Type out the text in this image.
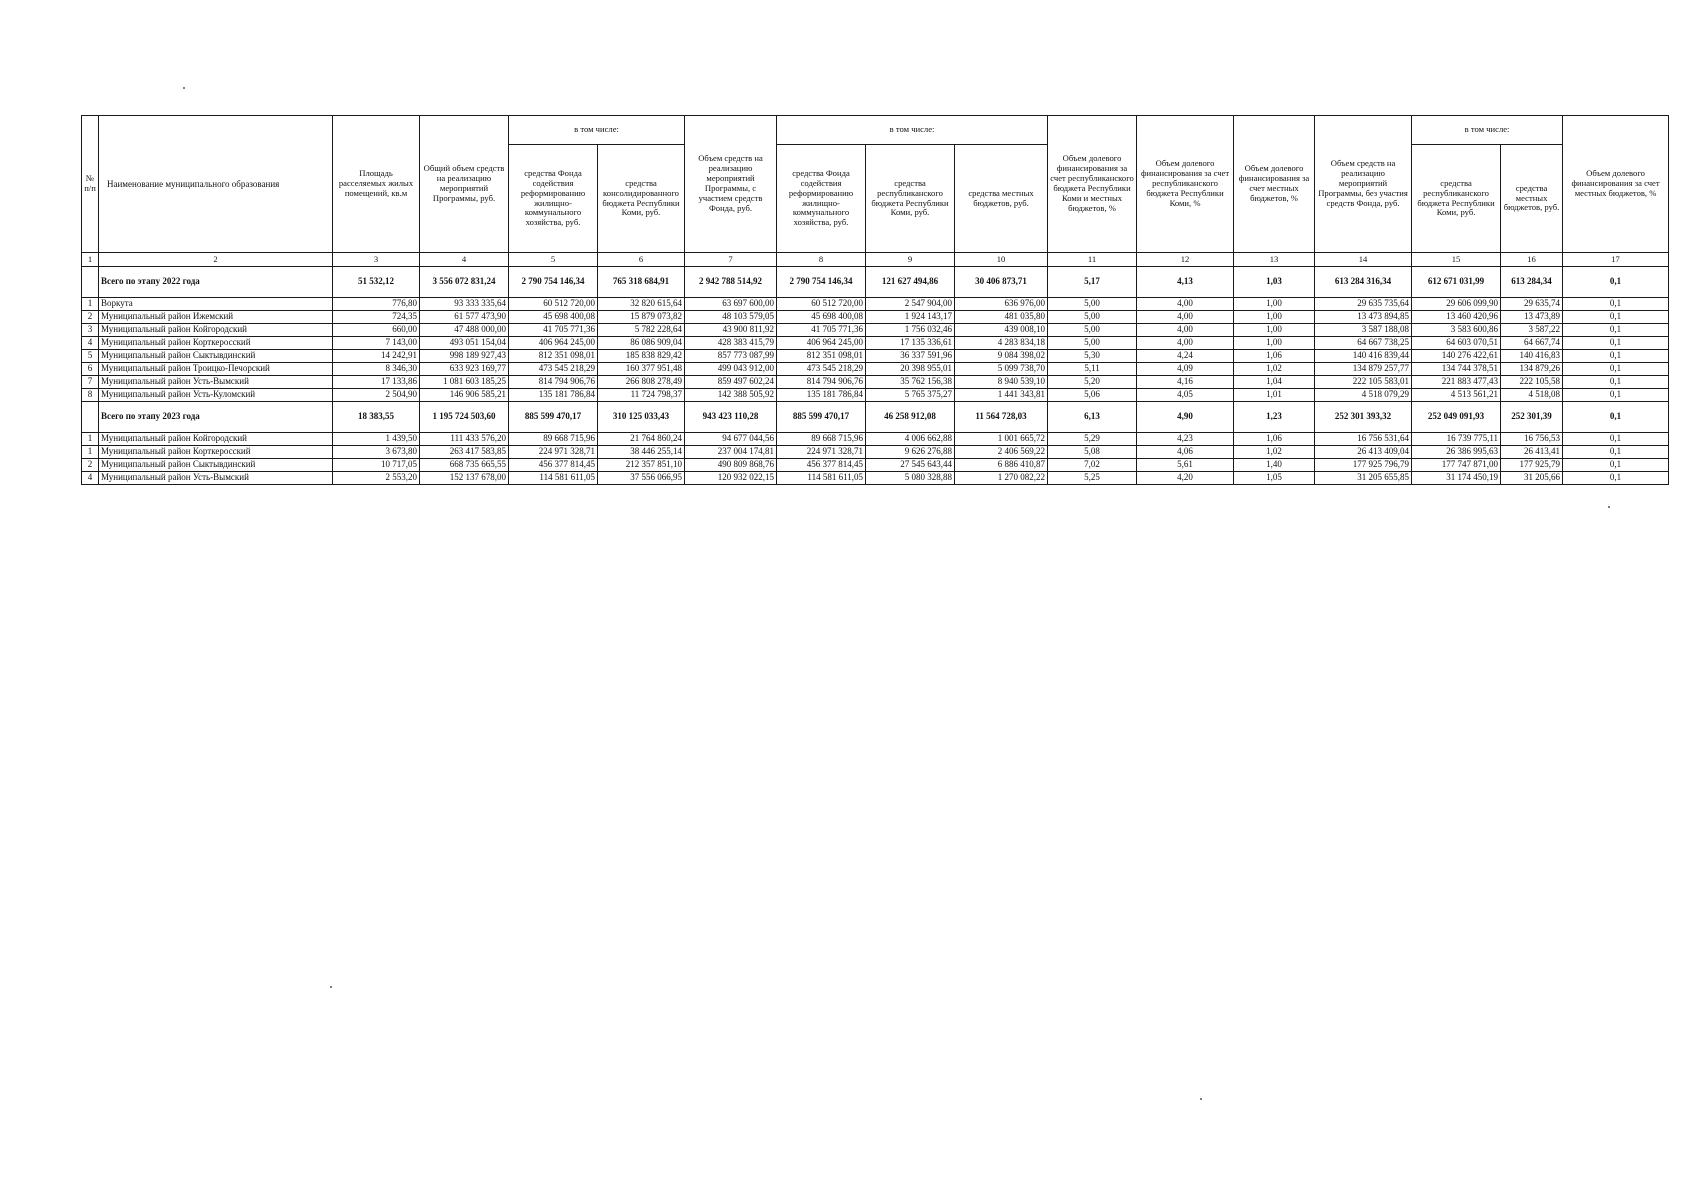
№ п/п	Наименование муниципального образования	Площадь расселяемых жилых помещений, кв.м	Общий объем средств на реализацию мероприятий Программы, руб.	в том числе:		Объем средств на реализацию мероприятий Программы, с участием средств Фонда, руб.	в том числе:			Объем долевого финансирования за счет республиканского бюджета Республики Коми и местных бюджетов, %	Объем долевого финансирования за счет республиканского бюджета Республики Коми, %	Объем долевого финансирования за счет местных бюджетов, %	Объем средств на реализацию мероприятий Программы, без участия средств Фонда, руб.	в том числе:		Объем долевого финансирования за счет местных бюджетов, %
				средства Фонда содействия реформированию жилищно-коммунального хозяйства, руб.	средства консолидированного бюджета Республики Коми, руб.		средства Фонда содействия реформированию жилищно-коммунального хозяйства, руб.	средства республиканского бюджета Республики Коми, руб.	средства местных бюджетов, руб.					средства республиканского бюджета Республики Коми, руб.	средства местных бюджетов, руб.	
1	2	3	4	5	6	7	8	9	10	11	12	13	14	15	16	17
	Всего по этапу 2022 года	51 532,12	3 556 072 831,24	2 790 754 146,34	765 318 684,91	2 942 788 514,92	2 790 754 146,34	121 627 494,86	30 406 873,71	5,17	4,13	1,03	613 284 316,34	612 671 031,99	613 284,34	0,1
1	Воркута	776,80	93 333 335,64	60 512 720,00	32 820 615,64	63 697 600,00	60 512 720,00	2 547 904,00	636 976,00	5,00	4,00	1,00	29 635 735,64	29 606 099,90	29 635,74	0,1
2	Муниципальный район Ижемский	724,35	61 577 473,90	45 698 400,08	15 879 073,82	48 103 579,05	45 698 400,08	1 924 143,17	481 035,80	5,00	4,00	1,00	13 473 894,85	13 460 420,96	13 473,89	0,1
3	Муниципальный район Койгородский	660,00	47 488 000,00	41 705 771,36	5 782 228,64	43 900 811,92	41 705 771,36	1 756 032,46	439 008,10	5,00	4,00	1,00	3 587 188,08	3 583 600,86	3 587,22	0,1
4	Муниципальный район Корткеросский	7 143,00	493 051 154,04	406 964 245,00	86 086 909,04	428 383 415,79	406 964 245,00	17 135 336,61	4 283 834,18	5,00	4,00	1,00	64 667 738,25	64 603 070,51	64 667,74	0,1
5	Муниципальный район Сыктывдинский	14 242,91	998 189 927,43	812 351 098,01	185 838 829,42	857 773 087,99	812 351 098,01	36 337 591,96	9 084 398,02	5,30	4,24	1,06	140 416 839,44	140 276 422,61	140 416,83	0,1
6	Муниципальный район Троицко-Печорский	8 346,30	633 923 169,77	473 545 218,29	160 377 951,48	499 043 912,00	473 545 218,29	20 398 955,01	5 099 738,70	5,11	4,09	1,02	134 879 257,77	134 744 378,51	134 879,26	0,1
7	Муниципальный район Усть-Вымский	17 133,86	1 081 603 185,25	814 794 906,76	266 808 278,49	859 497 602,24	814 794 906,76	35 762 156,38	8 940 539,10	5,20	4,16	1,04	222 105 583,01	221 883 477,43	222 105,58	0,1
8	Муниципальный район Усть-Куломский	2 504,90	146 906 585,21	135 181 786,84	11 724 798,37	142 388 505,92	135 181 786,84	5 765 375,27	1 441 343,81	5,06	4,05	1,01	4 518 079,29	4 513 561,21	4 518,08	0,1
	Всего по этапу 2023 года	18 383,55	1 195 724 503,60	885 599 470,17	310 125 033,43	943 423 110,28	885 599 470,17	46 258 912,08	11 564 728,03	6,13	4,90	1,23	252 301 393,32	252 049 091,93	252 301,39	0,1
1	Муниципальный район Койгородский	1 439,50	111 433 576,20	89 668 715,96	21 764 860,24	94 677 044,56	89 668 715,96	4 006 662,88	1 001 665,72	5,29	4,23	1,06	16 756 531,64	16 739 775,11	16 756,53	0,1
1	Муниципальный район Корткеросский	3 673,80	263 417 583,85	224 971 328,71	38 446 255,14	237 004 174,81	224 971 328,71	9 626 276,88	2 406 569,22	5,08	4,06	1,02	26 413 409,04	26 386 995,63	26 413,41	0,1
2	Муниципальный район Сыктывдинский	10 717,05	668 735 665,55	456 377 814,45	212 357 851,10	490 809 868,76	456 377 814,45	27 545 643,44	6 886 410,87	7,02	5,61	1,40	177 925 796,79	177 747 871,00	177 925,79	0,1
4	Муниципальный район Усть-Вымский	2 553,20	152 137 678,00	114 581 611,05	37 556 066,95	120 932 022,15	114 581 611,05	5 080 328,88	1 270 082,22	5,25	4,20	1,05	31 205 655,85	31 174 450,19	31 205,66	0,1
